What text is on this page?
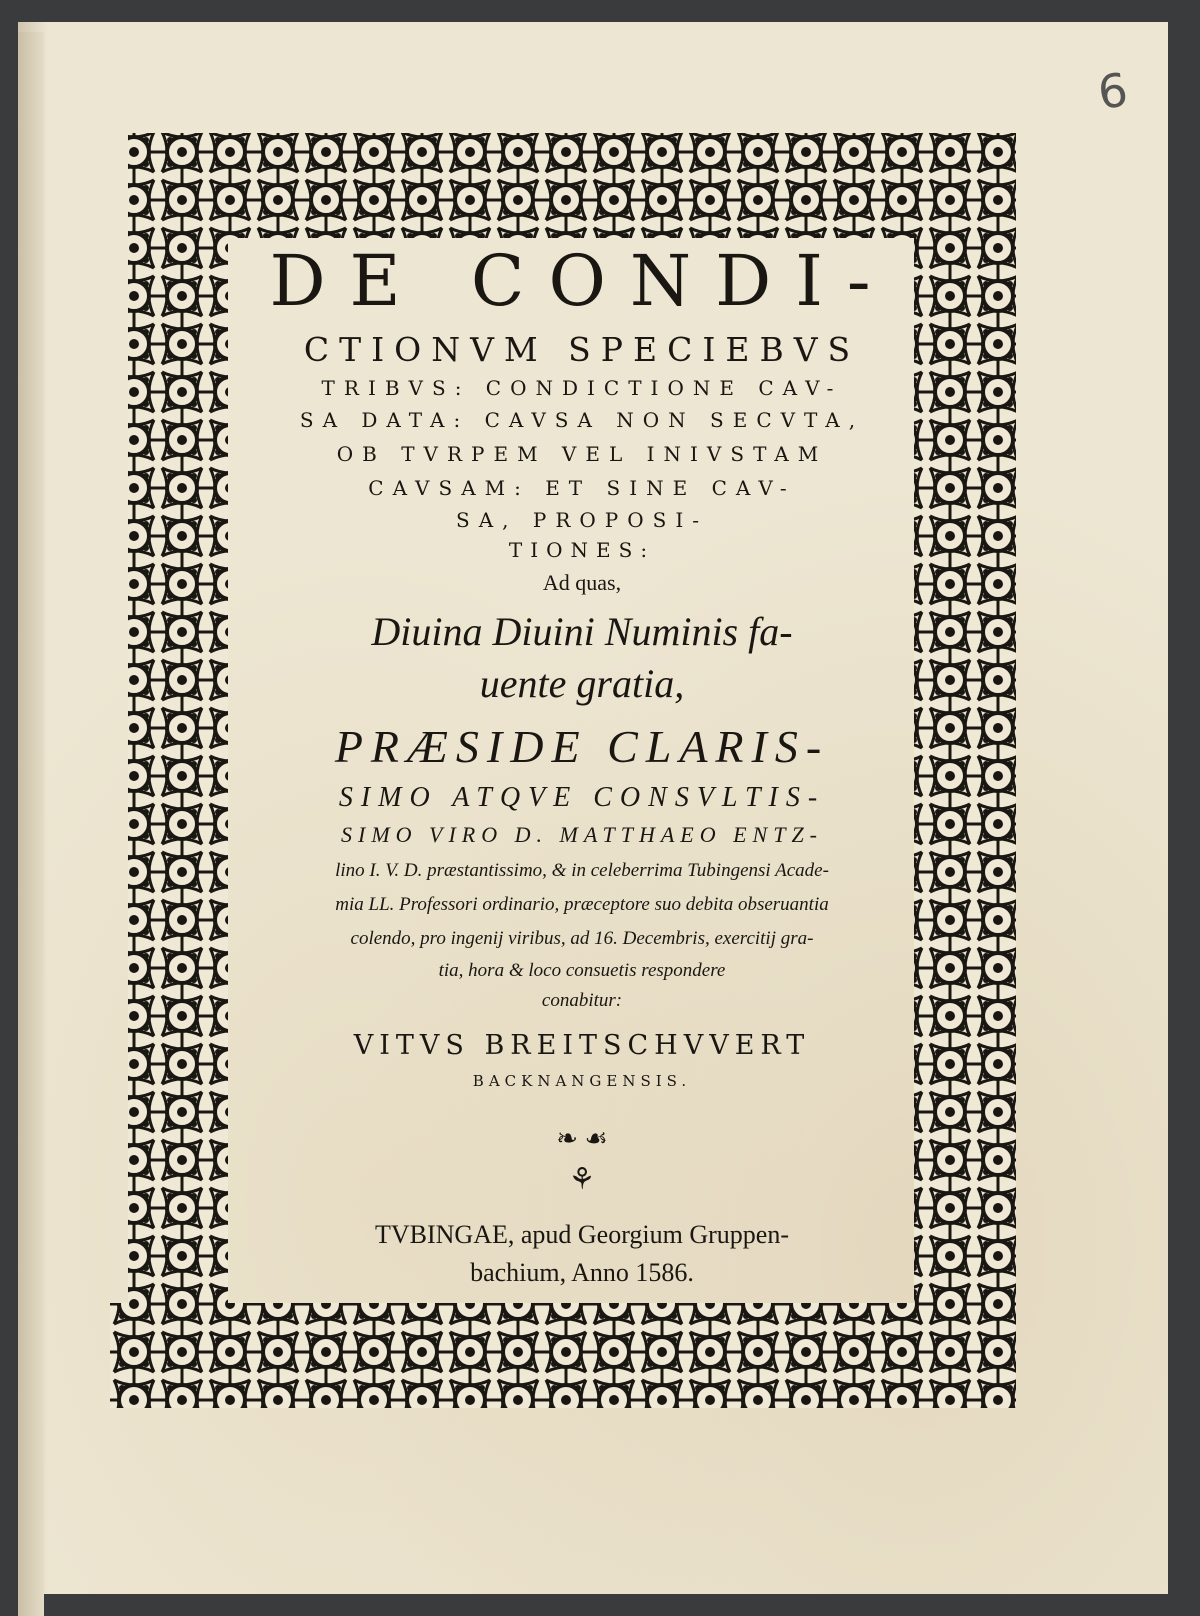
6
DE CONDI-
CTIONVM SPECIEBVS
TRIBVS: CONDICTIONE CAV-
SA DATA: CAVSA NON SECVTA,
OB TVRPEM VEL INIVSTAM
CAVSAM: ET SINE CAV-
SA, PROPOSI-
TIONES:
Ad quas,
Diuina Diuini Numinis fa-
uente gratia,
PRÆSIDE CLARIS-
SIMO ATQVE CONSVLTIS-
SIMO VIRO D. MATTHAEO ENTZ-
lino I. V. D. præstantissimo, & in celeberrima Tubingensi Acade-
mia LL. Professori ordinario, præceptore suo debita obseruantia
colendo, pro ingenij viribus, ad 16. Decembris, exercitij gra-
tia, hora & loco consuetis respondere
conabitur:
VITVS BREITSCHVVERT
BACKNANGENSIS.
❧ ☙
⚘
TVBINGAE, apud Georgium Gruppen-
bachium, Anno 1586.
